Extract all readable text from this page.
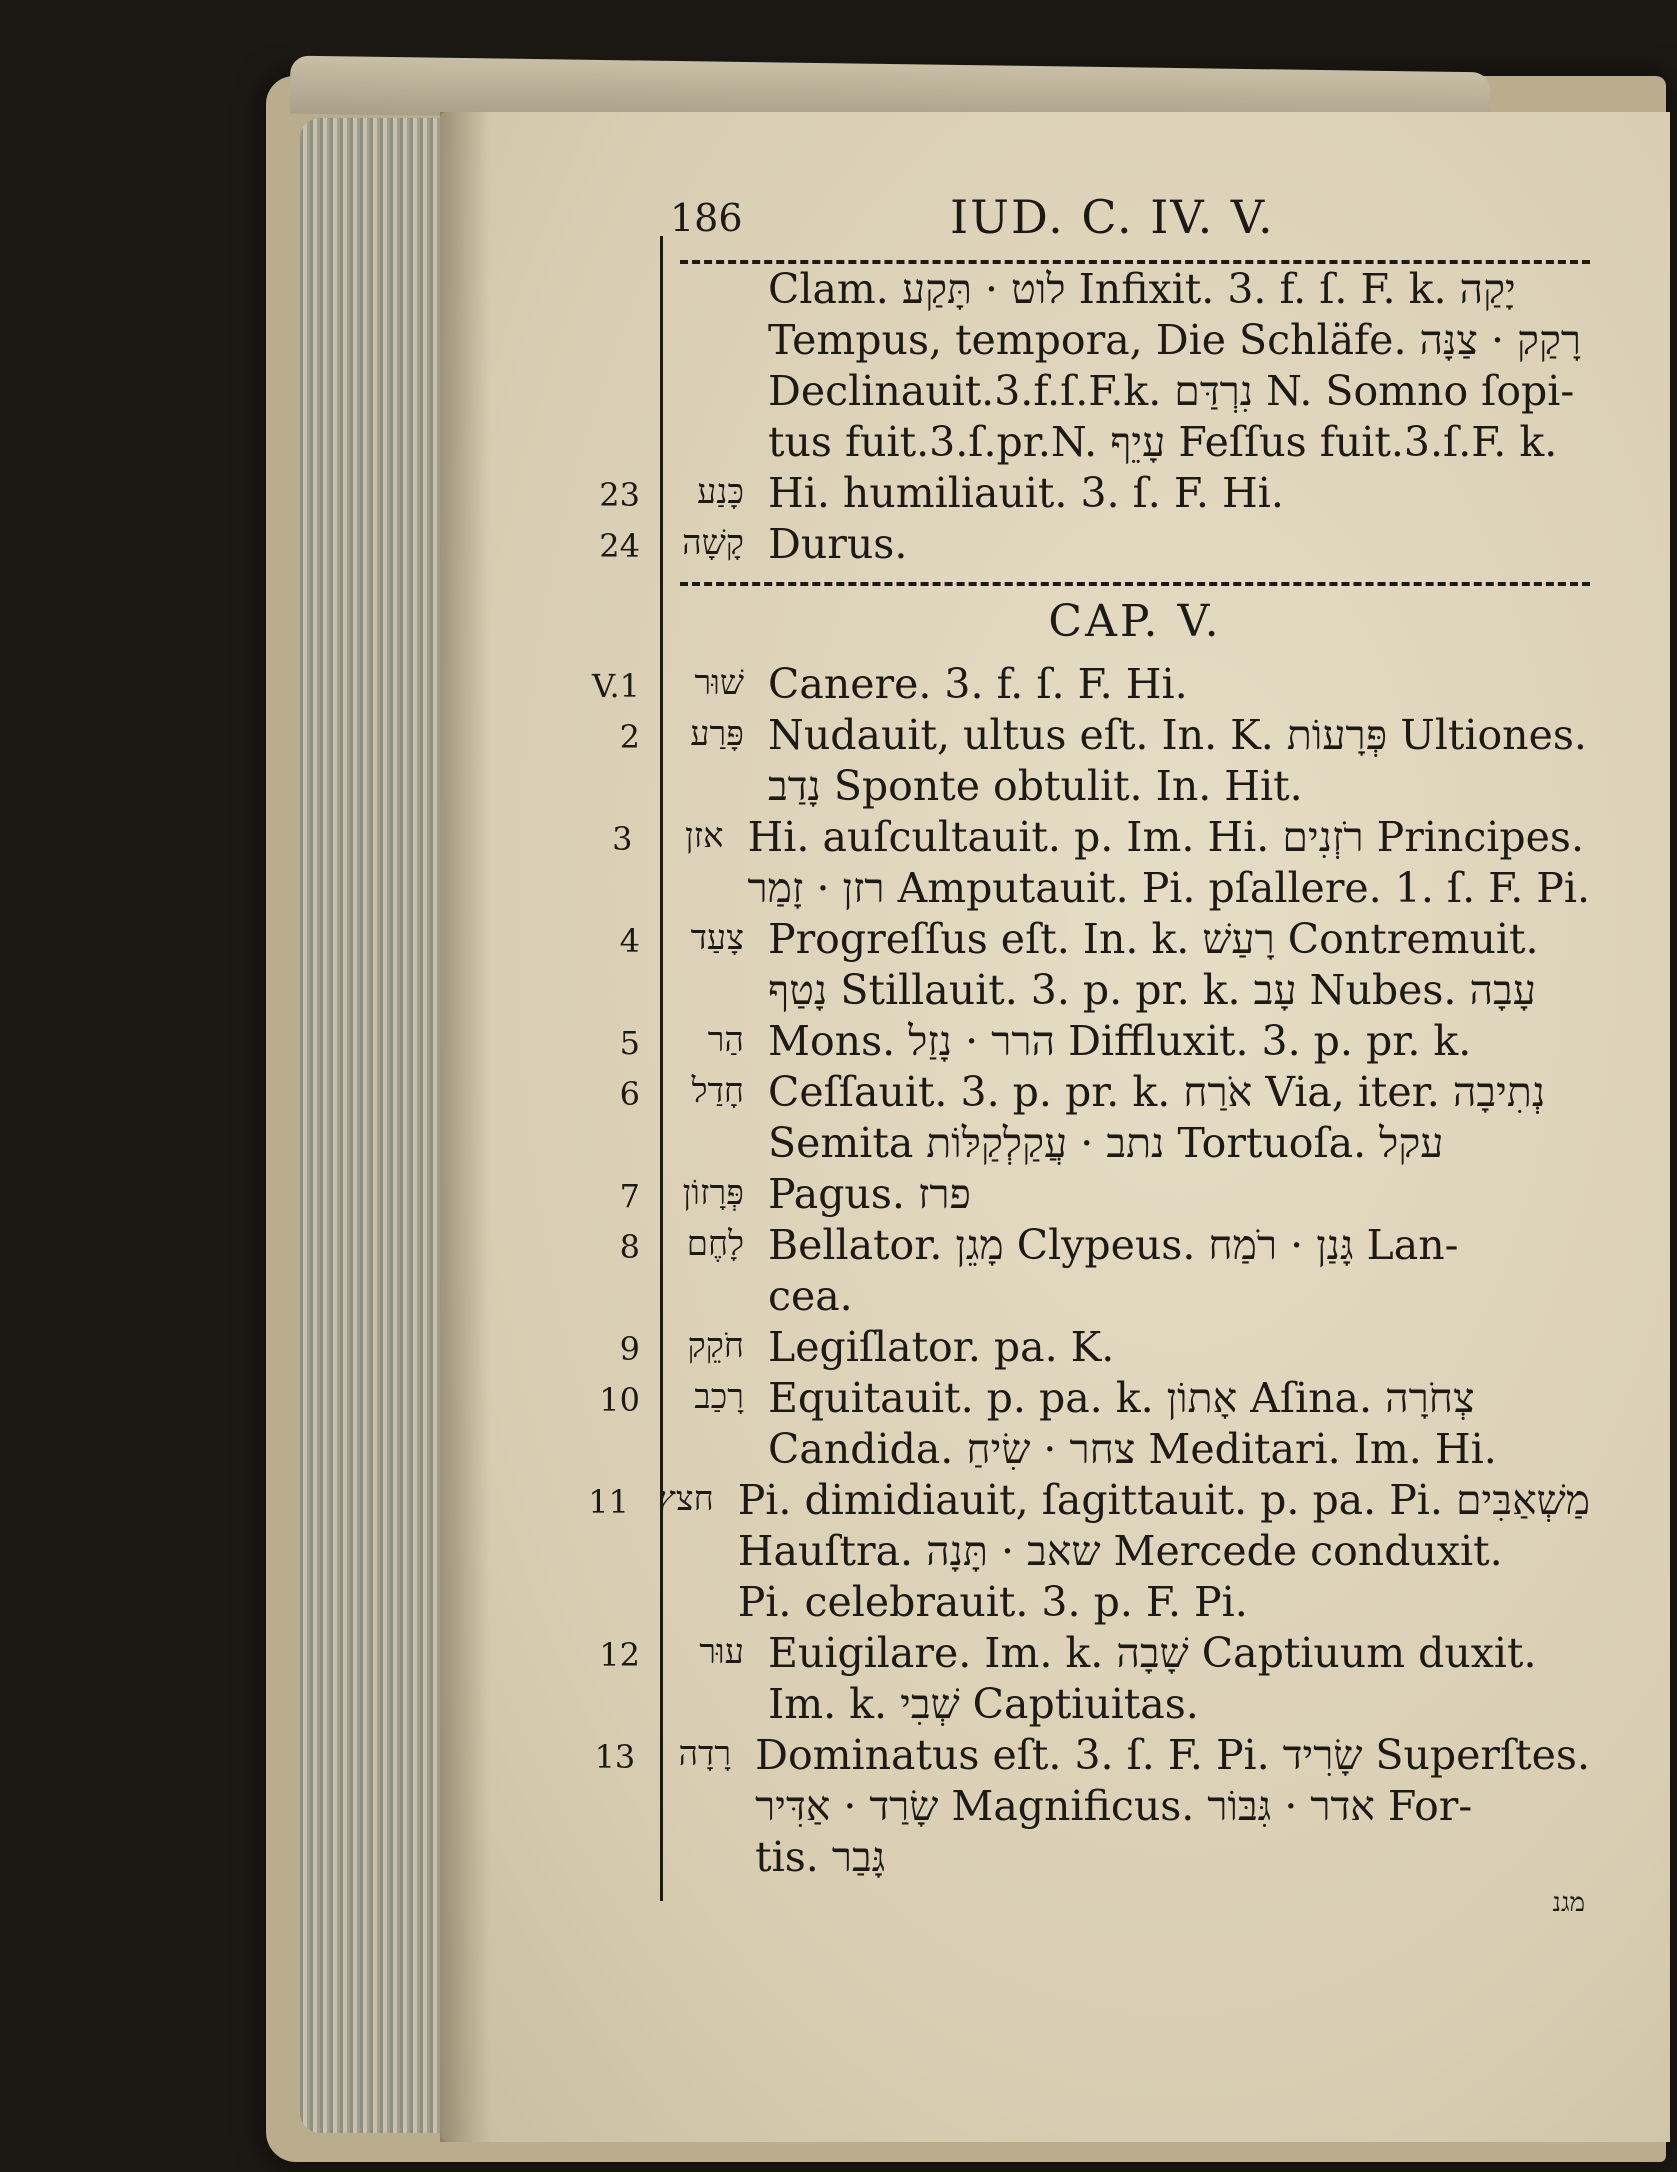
186	IUD. C. IV. V.
Clam. לוט · תָּקַע Infixit. 3. f. ſ. F. k. יָקַה
Tempus, tempora, Die Schläfe. רָקַק · צַנָּה
Declinauit.3.f.ſ.F.k. נִרְדַּם N. Somno ſopi-
tus fuit.3.ſ.pr.N. עָיֵף Feſſus fuit.3.ſ.F. k.
23	כָּנַע Hi. humiliauit. 3. ſ. F. Hi.
24	קָשָׁה Durus.
CAP. V.
V.1	שׁוּר Canere. 3. f. ſ. F. Hi.
2	פָּרַע Nudauit, ultus eſt. In. K. פְּרָעוֹת Ultiones.
נָדַב Sponte obtulit. In. Hit.
3	אזן Hi. auſcultauit. p. Im. Hi. רֹזְנִים Principes.
רזן · זָמַר Amputauit. Pi. pſallere. 1. ſ. F. Pi.
4	צָעַד Progreſſus eſt. In. k. רָעַשׁ Contremuit.
נָטַף Stillauit. 3. p. pr. k. עָב Nubes. עָבָה
5	הַר Mons. הרר · נָזַל Diffluxit. 3. p. pr. k.
6	חָדַל Ceſſauit. 3. p. pr. k. אֹרַח Via, iter. נְתִיבָה
Semita נתב · עֲקַלְקַלּוֹת Tortuoſa. עקל
7	פְּרָזוֹן Pagus. פרז
8	לָחֶם Bellator. מָגֵן Clypeus. גָּנַן · רֹמַח Lan-
cea.
9	חֹקֵק Legiſlator. pa. K.
10	רָכַב Equitauit. p. pa. k. אָתוֹן Aſina. צְחֹרָה
Candida. צחר · שִׂיחַ Meditari. Im. Hi.
11 חצץ Pi. dimidiauit, ſagittauit. p. pa. Pi. מַשְׁאַבִּים
Hauſtra. שאב · תָּנָה Mercede conduxit.
Pi. celebrauit. 3. p. F. Pi.
12	עוּר Euigilare. Im. k. שָׁבָה Captiuum duxit.
Im. k. שְׁבִי Captiuitas.
13	רָדָה Dominatus eſt. 3. ſ. F. Pi. שָׂרִיד Superſtes.
שָׂרַד · אַדִּיר Magnificus. אדר · גִּבּוֹר For-
tis. גָּבַר
מגנ
